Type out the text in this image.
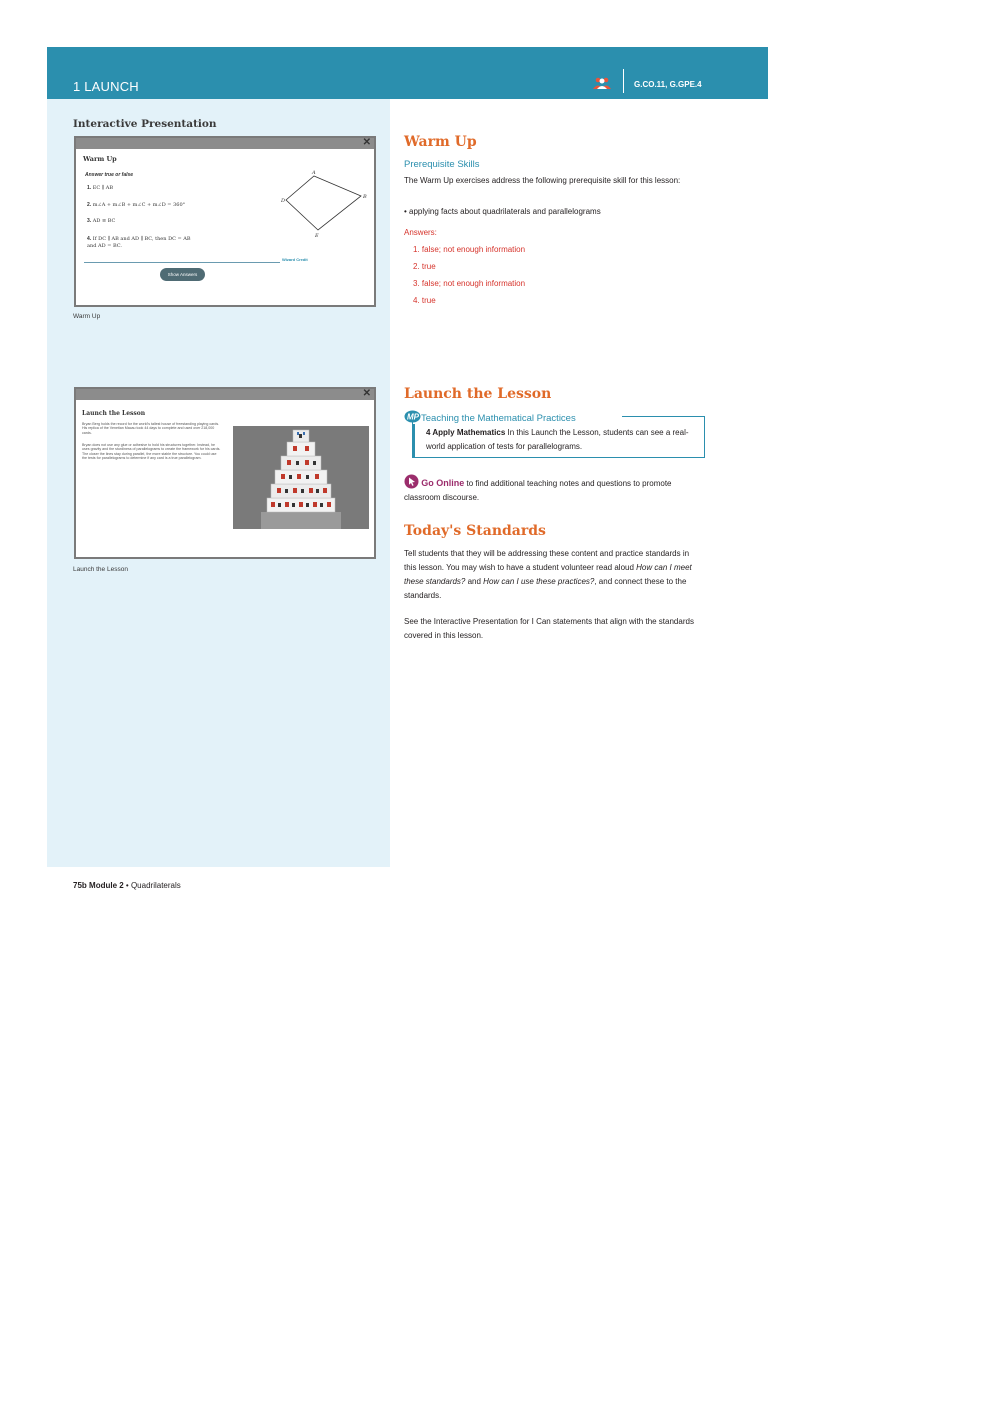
1 LAUNCH	G.CO.11, G.GPE.4
Interactive Presentation
✕
Warm Up
Answer true or false
1. EC ∥ AB
2. m∠A + m∠B + m∠C + m∠D = 360°
3. AD ≅ BC
4. If DC ∥ AB and AD ∥ BC, then DC = AB
and AD = BC.
A
B
D
E
Wizard Credit
Show Answers
Warm Up
✕
Launch the Lesson
Bryan Berg holds the record for the world's tallest house of freestanding playing cards. His replica of the Venetian Macau took 44 days to complete and used over 218,000 cards.
Bryan does not use any glue or adhesive to hold his structures together. Instead, he uses gravity and the sturdiness of parallelograms to create the framework for his cards. The closer the lines stay during parallel, the more stable the structure. You could use the tests for parallelograms to determine if any card is a true parallelogram.
Launch the Lesson
Warm Up
Prerequisite Skills
The Warm Up exercises address the following prerequisite skill for this lesson:
• applying facts about quadrilaterals and parallelograms
Answers:
1. false; not enough information
2. true
3. false; not enough information
4. true
Launch the Lesson
4 Apply Mathematics In this Launch the Lesson, students can see a real-world application of tests for parallelograms.
MP Teaching the Mathematical Practices
Go Online to find additional teaching notes and questions to promote classroom discourse.
Today's Standards
Tell students that they will be addressing these content and practice standards in this lesson. You may wish to have a student volunteer read aloud How can I meet these standards? and How can I use these practices?, and connect these to the standards.
See the Interactive Presentation for I Can statements that align with the standards covered in this lesson.
75b Module 2 • Quadrilaterals
